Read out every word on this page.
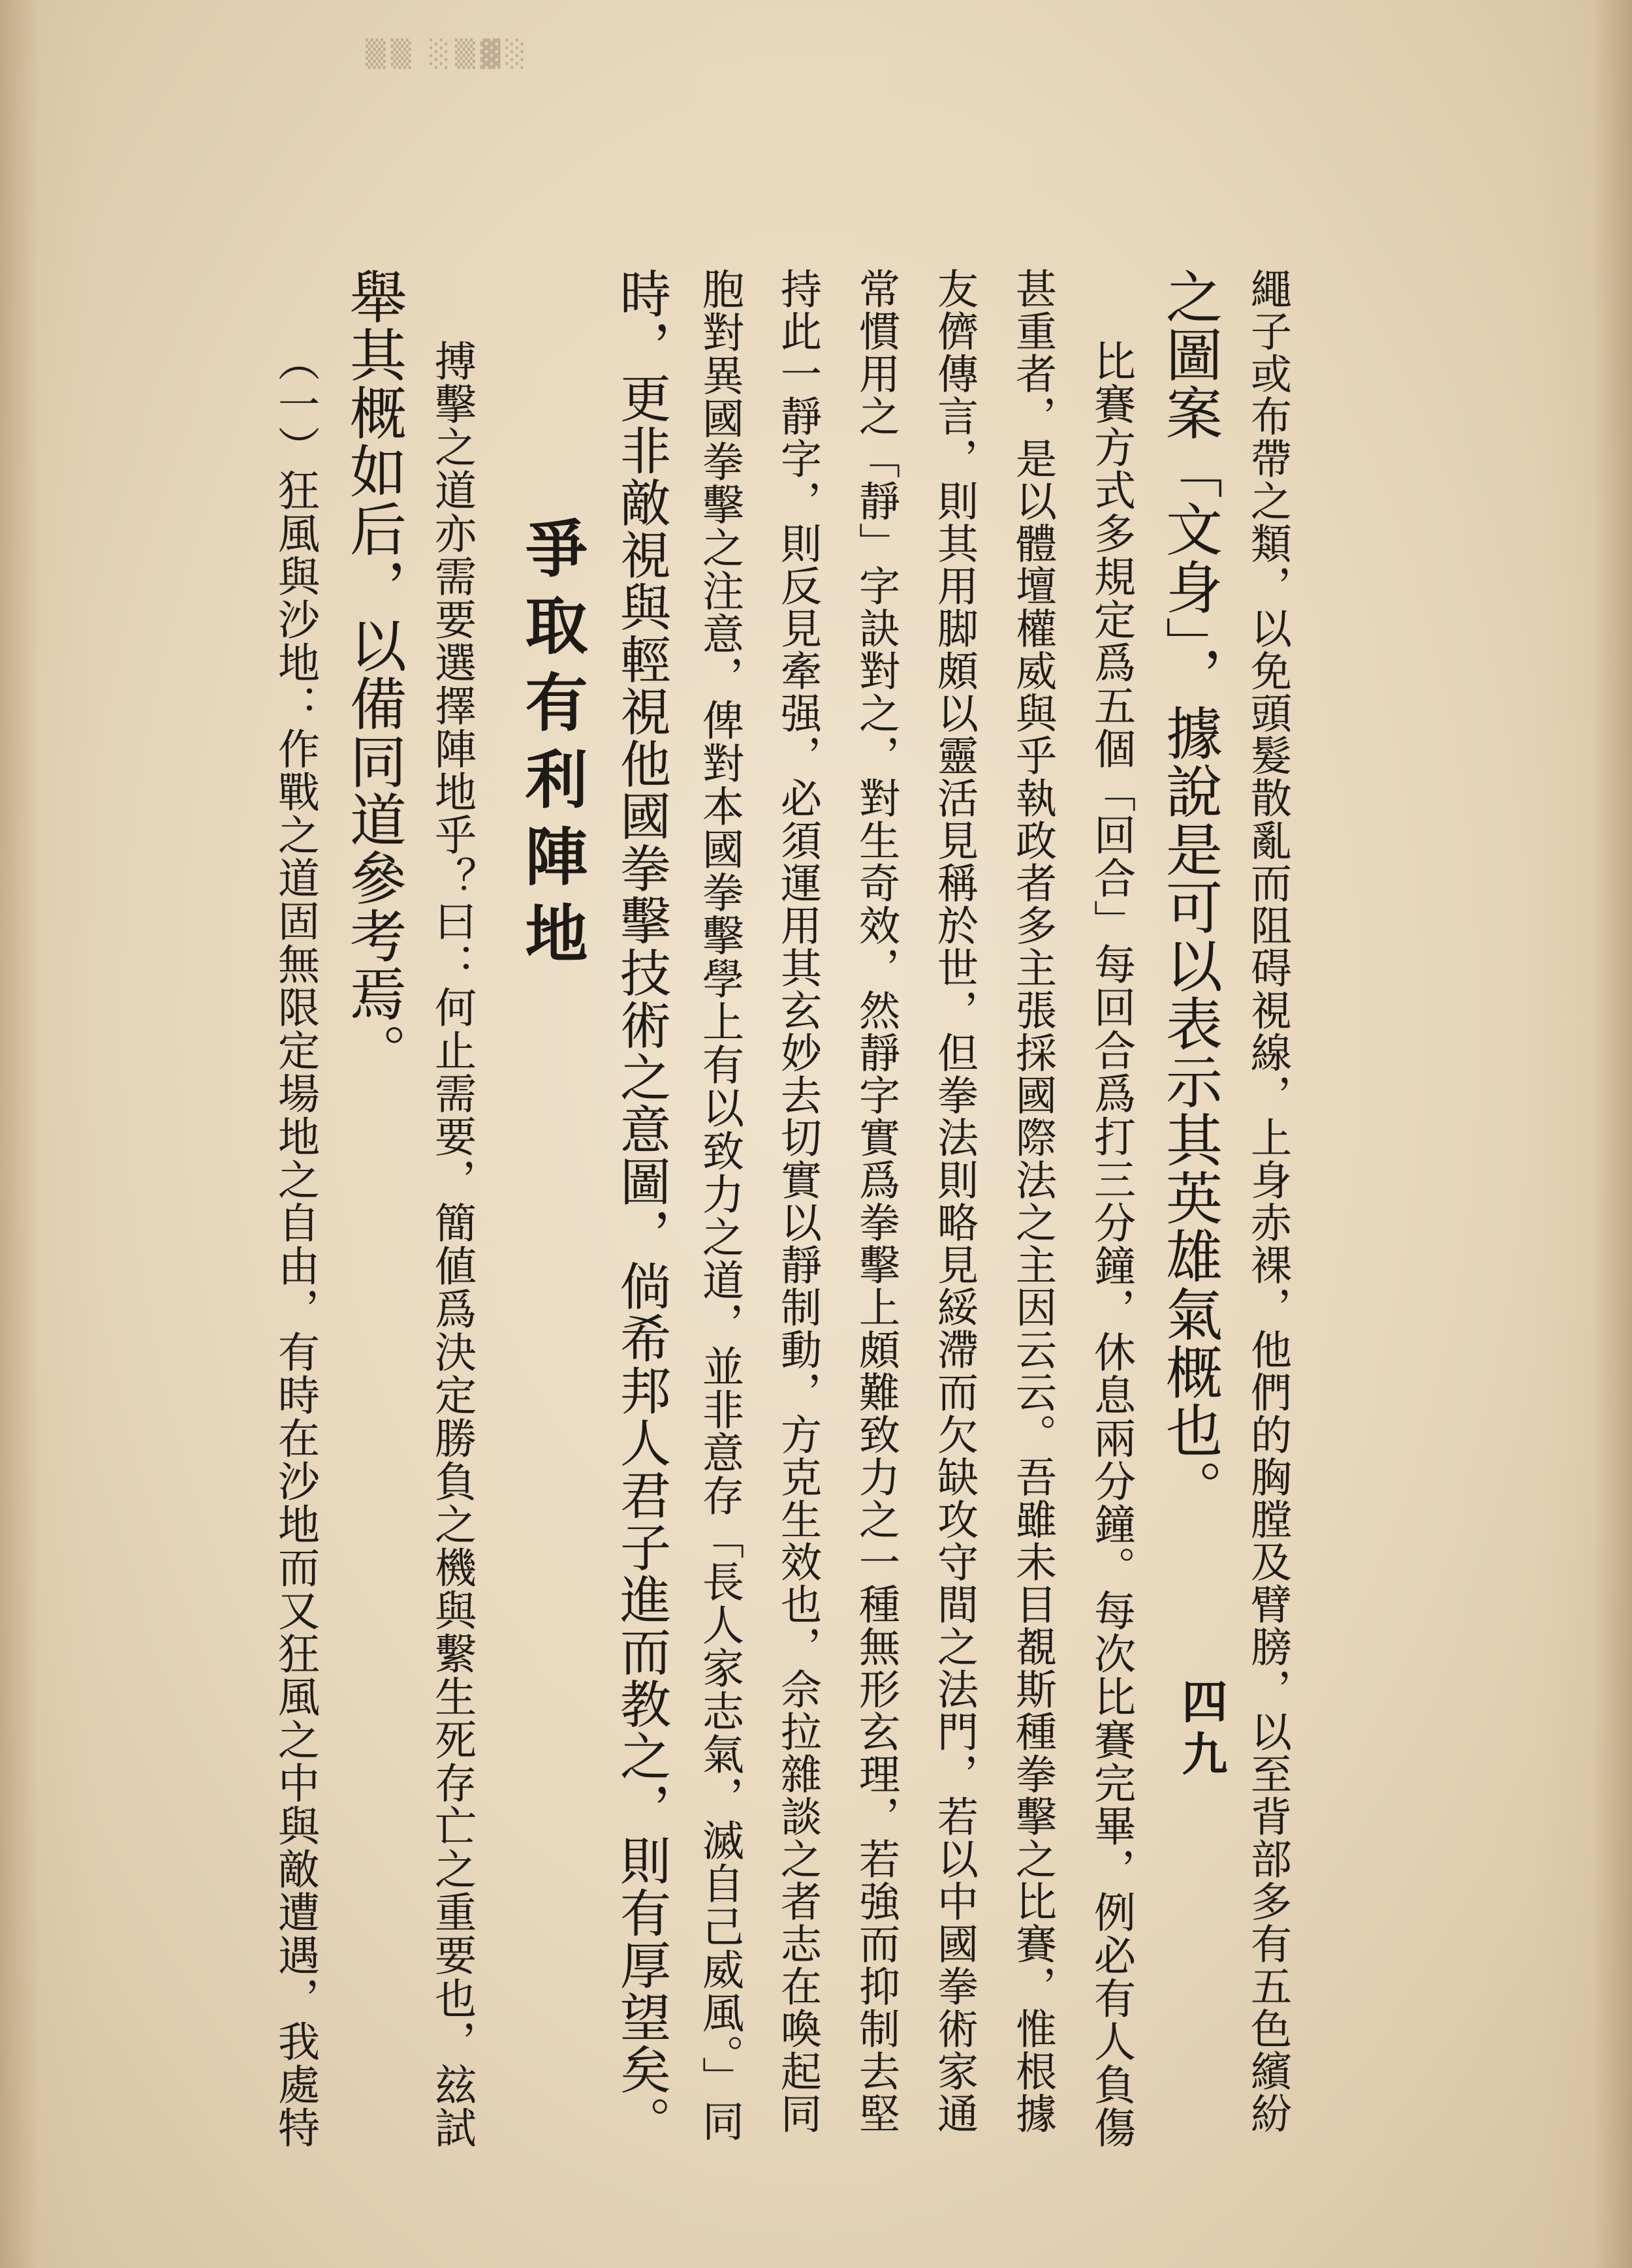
▒▒ ░▒▓░
繩子或布帶之類，以免頭髮散亂而阻碍視線，上身赤裸，他們的胸膛及臂膀，以至背部多有五色繽紛
之圖案「文身」，據說是可以表示其英雄氣概也。
比賽方式多規定爲五個「回合」每回合爲打三分鐘，休息兩分鐘。每次比賽完畢，例必有人負傷
甚重者，是以體壇權威與乎執政者多主張採國際法之主因云云。吾雖未目覩斯種拳擊之比賽，惟根據
友儕傳言，則其用脚頗以靈活見稱於世，但拳法則略見綏滯而欠缺攻守間之法門，若以中國拳術家通
常慣用之「靜」字訣對之，對生奇效，然靜字實爲拳擊上頗難致力之一種無形玄理，若強而抑制去堅
持此一靜字，則反見牽强，必須運用其玄妙去切實以靜制動，方克生效也，佘拉雜談之者志在喚起同
胞對異國拳擊之注意，俾對本國拳擊學上有以致力之道，並非意存「長人家志氣，滅自己威風。」同
時，更非敵視與輕視他國拳擊技術之意圖，倘希邦人君子進而教之，則有厚望矣。
爭取有利陣地
搏擊之道亦需要選擇陣地乎？曰：何止需要，簡値爲決定勝負之機與繫生死存亡之重要也，玆試
舉其概如后，以備同道參考焉。
（一）狂風與沙地：作戰之道固無限定場地之自由，有時在沙地而又狂風之中與敵遭遇，我處特	四九
